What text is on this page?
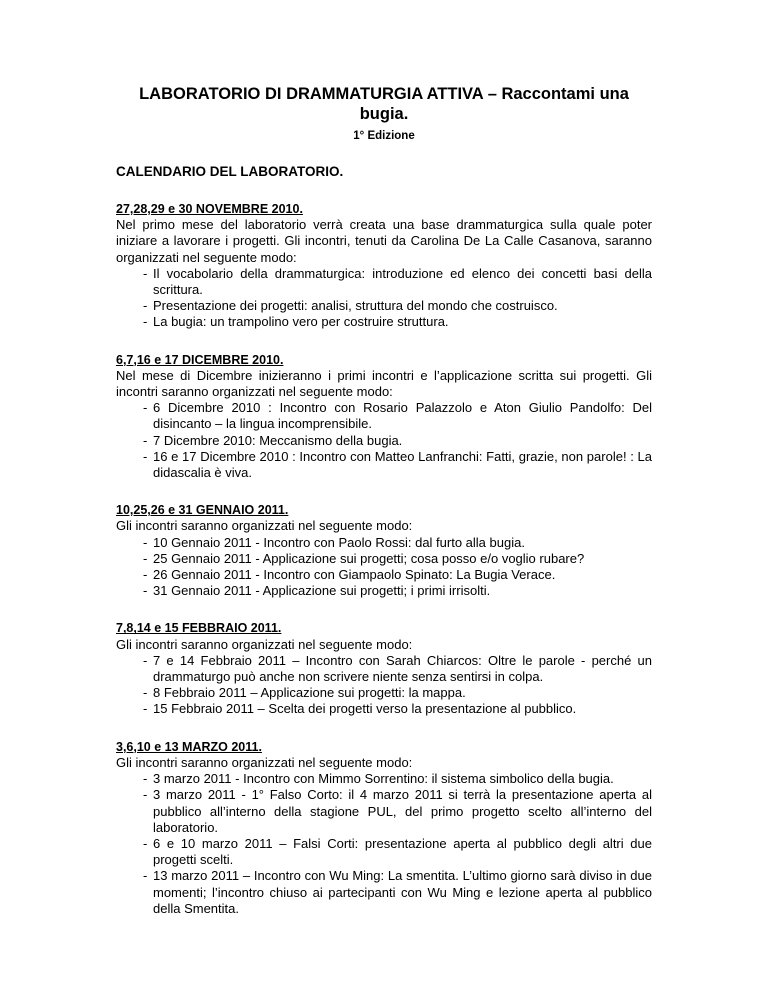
LABORATORIO DI DRAMMATURGIA ATTIVA – Raccontami una bugia.

1° Edizione

CALENDARIO DEL LABORATORIO.

27,28,29 e 30 NOVEMBRE 2010.

Nel primo mese del laboratorio verrà creata una base drammaturgica sulla quale poter iniziare a lavorare i progetti. Gli incontri, tenuti da Carolina De La Calle Casanova, saranno organizzati nel seguente modo:

- Il vocabolario della drammaturgica: introduzione ed elenco dei concetti basi della scrittura.
- Presentazione dei progetti: analisi, struttura del mondo che costruisco.
- La bugia: un trampolino vero per costruire struttura.

6,7,16 e 17 DICEMBRE 2010.

Nel mese di Dicembre inizieranno i primi incontri e l’applicazione scritta sui progetti. Gli incontri saranno organizzati nel seguente modo:

- 6 Dicembre 2010 : Incontro con Rosario Palazzolo e Aton Giulio Pandolfo: Del disincanto – la lingua incomprensibile.
- 7 Dicembre 2010: Meccanismo della bugia.
- 16 e 17 Dicembre 2010 : Incontro con Matteo Lanfranchi: Fatti, grazie, non parole! : La didascalia è viva.

10,25,26 e 31 GENNAIO 2011.

Gli incontri saranno organizzati nel seguente modo:

- 10 Gennaio 2011 - Incontro con Paolo Rossi: dal furto alla bugia.
- 25 Gennaio 2011 - Applicazione sui progetti; cosa posso e/o voglio rubare?
- 26 Gennaio 2011 - Incontro con Giampaolo Spinato: La Bugia Verace.
- 31 Gennaio 2011 - Applicazione sui progetti; i primi irrisolti.

7,8,14 e 15 FEBBRAIO 2011.

Gli incontri saranno organizzati nel seguente modo:

- 7 e 14 Febbraio 2011 – Incontro con Sarah Chiarcos: Oltre le parole - perché un drammaturgo può anche non scrivere niente senza sentirsi in colpa.
- 8 Febbraio 2011 – Applicazione sui progetti: la mappa.
- 15 Febbraio 2011 – Scelta dei progetti verso la presentazione al pubblico.

3,6,10 e 13 MARZO 2011.

Gli incontri saranno organizzati nel seguente modo:

- 3 marzo 2011 - Incontro con Mimmo Sorrentino: il sistema simbolico della bugia.
- 3 marzo 2011 - 1° Falso Corto: il 4 marzo 2011 si terrà la presentazione aperta al pubblico all’interno della stagione PUL, del primo progetto scelto all’interno del laboratorio.
- 6 e 10 marzo 2011 – Falsi Corti: presentazione aperta al pubblico degli altri due progetti scelti.
- 13 marzo 2011 – Incontro con Wu Ming: La smentita. L’ultimo giorno sarà diviso in due momenti; l’incontro chiuso ai partecipanti con Wu Ming e lezione aperta al pubblico della Smentita.
